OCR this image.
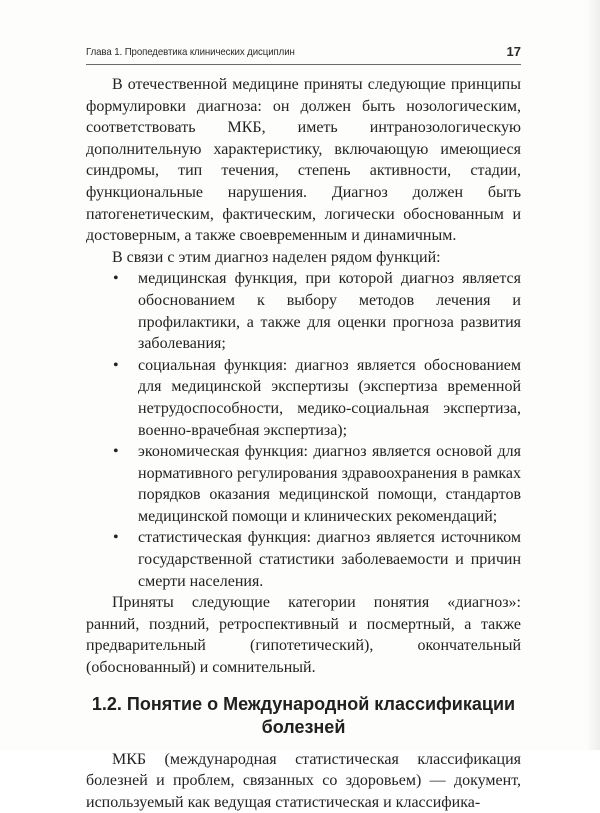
Глава 1. Пропедевтика клинических дисциплин	17

В отечественной медицине приняты следующие принципы формулировки диагноза: он должен быть нозологическим, соответствовать МКБ, иметь интранозологическую дополнительную характеристику, включающую имеющиеся синдромы, тип течения, степень активности, стадии, функциональные нарушения. Диагноз должен быть патогенетическим, фактическим, логически обоснованным и достоверным, а также своевременным и динамичным.

В связи с этим диагноз наделен рядом функций:

• медицинская функция, при которой диагноз является обоснованием к выбору методов лечения и профилактики, а также для оценки прогноза развития заболевания;
• социальная функция: диагноз является обоснованием для медицинской экспертизы (экспертиза временной нетрудоспособности, медико-социальная экспертиза, военно-врачебная экспертиза);
• экономическая функция: диагноз является основой для нормативного регулирования здравоохранения в рамках порядков оказания медицинской помощи, стандартов медицинской помощи и клинических рекомендаций;
• статистическая функция: диагноз является источником государственной статистики заболеваемости и причин смерти населения.

Приняты следующие категории понятия «диагноз»: ранний, поздний, ретроспективный и посмертный, а также предварительный (гипотетический), окончательный (обоснованный) и сомнительный.

1.2. Понятие о Международной классификации болезней

МКБ (международная статистическая классификация болезней и проблем, связанных со здоровьем) — документ, используемый как ведущая статистическая и классифика-
